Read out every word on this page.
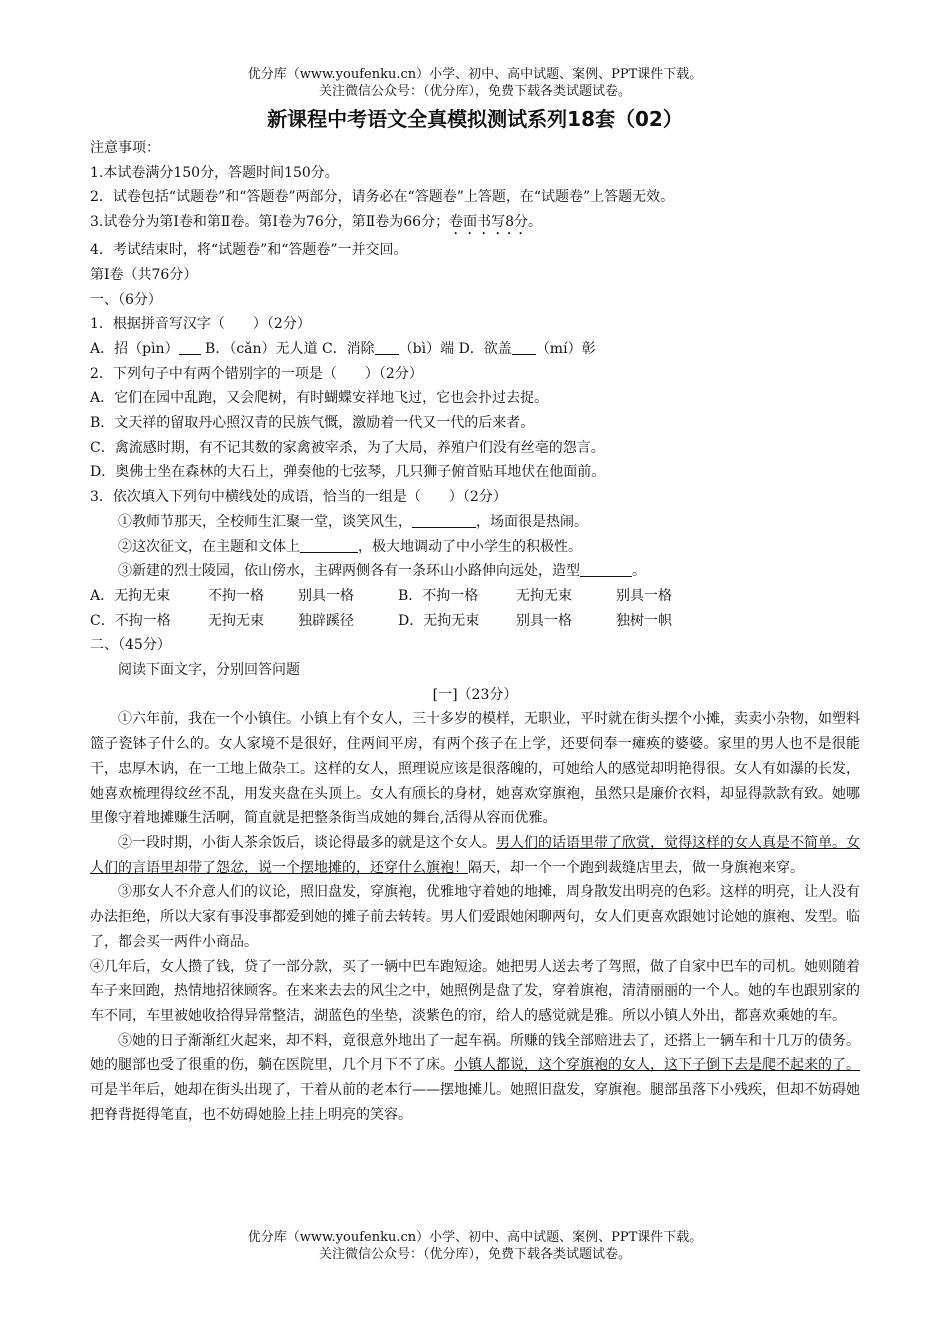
优分库（www.youfenku.cn）小学、初中、高中试题、案例、PPT课件下载。
关注微信公众号：（优分库），免费下载各类试题试卷。
新课程中考语文全真模拟测试系列18套（02）
注意事项：
1.本试卷满分150分，答题时间150分。
2．试卷包括“试题卷”和“答题卷”两部分，请务必在“答题卷”上答题，在“试题卷”上答题无效。
3.试卷分为第Ⅰ卷和第Ⅱ卷。第Ⅰ卷为76分，第Ⅱ卷为66分；卷面书写8分。
4．考试结束时，将“试题卷”和“答题卷”一并交回。
第Ⅰ卷（共76分）
一、（6分）
1．根据拼音写汉字（　　）（2分）
A．招（pìn） B．（cǎn）无人道 C．消除 （bì）端 D．欲盖 （mí）彰
2．下列句子中有两个错别字的一项是（　　）（2分）
A．它们在园中乱跑，又会爬树，有时蝴蝶安祥地飞过，它也会扑过去捉。
B．文天祥的留取丹心照汉青的民族气慨，激励着一代又一代的后来者。
C．禽流感时期，有不记其数的家禽被宰杀，为了大局，养殖户们没有丝亳的怨言。
D．奥佛士坐在森林的大石上，弹奏他的七弦琴，几只狮子俯首贴耳地伏在他面前。
3．依次填入下列句中横线处的成语，恰当的一组是（　　）（2分）
①教师节那天，全校师生汇聚一堂，谈笑风生，	，场面很是热闹。
②这次征文，在主题和文体上	，极大地调动了中小学生的积极性。
③新建的烈士陵园，依山傍水，主碑两侧各有一条环山小路伸向远处，造型	。
A．无拘无束	不拘一格 别具一格	B．不拘一格	无拘无束	别具一格
C．不拘一格	无拘无束 独辟蹊径	D．无拘无束	别具一格	独树一帜
二、（45分）
阅读下面文字，分别回答问题
[一]（23分）
①六年前，我在一个小镇住。小镇上有个女人，三十多岁的模样，无职业，平时就在街头摆个小摊，卖卖小杂物，如塑料篮子瓷钵子什么的。女人家境不是很好，住两间平房，有两个孩子在上学，还要伺奉一瘫痪的婆婆。家里的男人也不是很能干，忠厚木讷，在一工地上做杂工。这样的女人，照理说应该是很落魄的，可她给人的感觉却明艳得很。女人有如瀑的长发，她喜欢梳理得纹丝不乱，用发夹盘在头顶上。女人有颀长的身材，她喜欢穿旗袍，虽然只是廉价衣料，却显得款款有致。她哪里像守着地摊赚生活啊，简直就是把整条街当成她的舞台,活得从容而优雅。
②一段时期，小街人茶余饭后，谈论得最多的就是这个女人。男人们的话语里带了欣赏，觉得这样的女人真是不简单。女人们的言语里却带了怨忿，说一个摆地摊的，还穿什么旗袍！隔天，却一个一个跑到裁缝店里去，做一身旗袍来穿。
③那女人不介意人们的议论，照旧盘发，穿旗袍，优雅地守着她的地摊，周身散发出明亮的色彩。这样的明亮，让人没有办法拒绝，所以大家有事没事都爱到她的摊子前去转转。男人们爱跟她闲聊两句，女人们更喜欢跟她讨论她的旗袍、发型。临了，都会买一两件小商品。
④几年后，女人攒了钱，贷了一部分款，买了一辆中巴车跑短途。她把男人送去考了驾照，做了自家中巴车的司机。她则随着车子来回跑，热情地招徕顾客。在来来去去的风尘之中，她照例是盘了发，穿着旗袍，清清丽丽的一个人。她的车也跟别家的车不同，车里被她收拾得异常整洁，湖蓝色的坐垫，淡紫色的帘，给人的感觉就是雅。所以小镇人外出，都喜欢乘她的车。
⑤她的日子渐渐红火起来，却不料，竟很意外地出了一起车祸。所赚的钱全部赔进去了，还搭上一辆车和十几万的债务。她的腿部也受了很重的伤，躺在医院里，几个月下不了床。小镇人都说，这个穿旗袍的女人，这下子倒下去是爬不起来的了。可是半年后，她却在街头出现了，干着从前的老本行——摆地摊儿。她照旧盘发，穿旗袍。腿部虽落下小残疾，但却不妨碍她把脊背挺得笔直，也不妨碍她脸上挂上明亮的笑容。
优分库（www.youfenku.cn）小学、初中、高中试题、案例、PPT课件下载。
关注微信公众号：（优分库），免费下载各类试题试卷。
